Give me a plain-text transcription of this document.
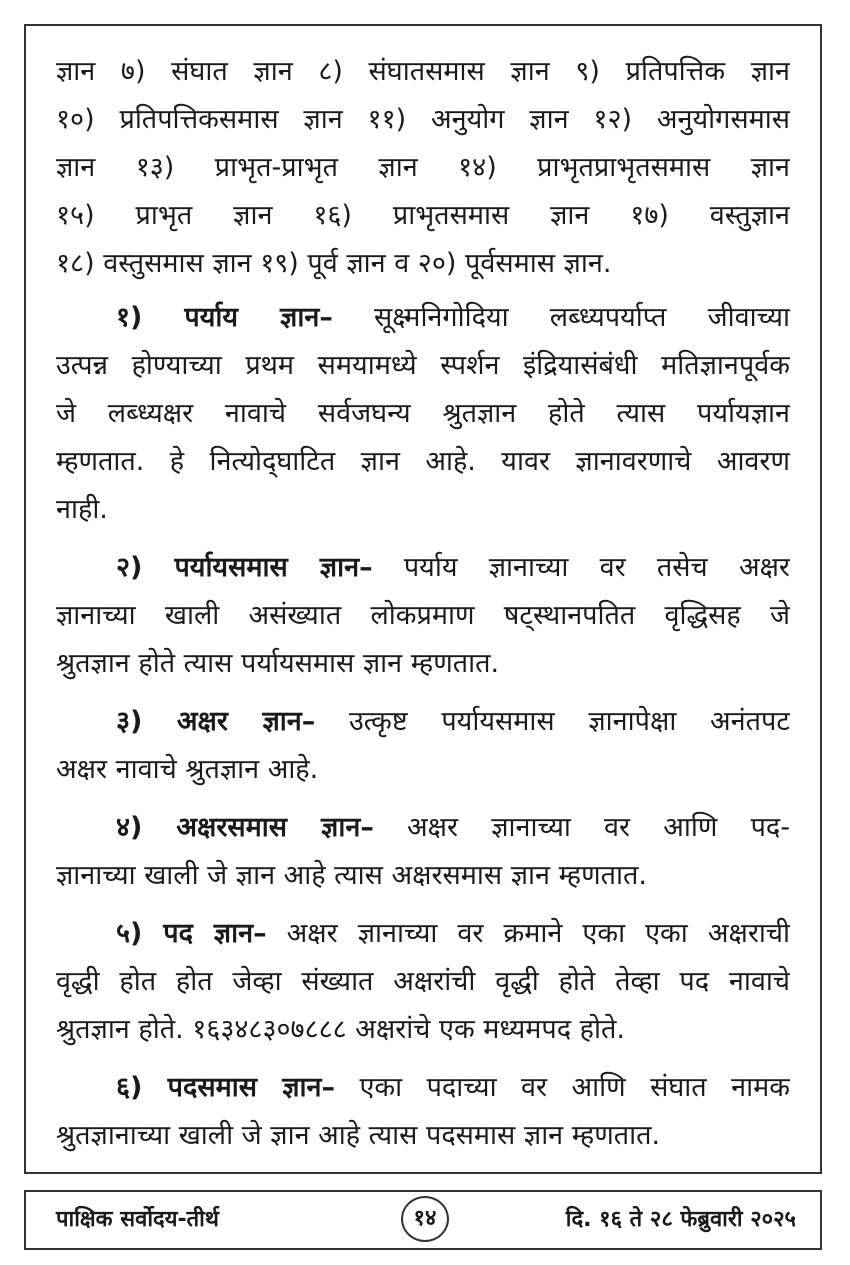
ज्ञान ७) संघात ज्ञान ८) संघातसमास ज्ञान ९) प्रतिपत्तिक ज्ञान
१०) प्रतिपत्तिकसमास ज्ञान ११) अनुयोग ज्ञान १२) अनुयोगसमास
ज्ञान १३) प्राभृत-प्राभृत ज्ञान १४) प्राभृतप्राभृतसमास ज्ञान
१५) प्राभृत ज्ञान १६) प्राभृतसमास ज्ञान १७) वस्तुज्ञान
१८) वस्तुसमास ज्ञान १९) पूर्व ज्ञान व २०) पूर्वसमास ज्ञान.
१) पर्याय ज्ञान– सूक्ष्मनिगोदिया लब्ध्यपर्याप्त जीवाच्या
उत्पन्न होण्याच्या प्रथम समयामध्ये स्पर्शन इंद्रियासंबंधी मतिज्ञानपूर्वक
जे लब्ध्यक्षर नावाचे सर्वजघन्य श्रुतज्ञान होते त्यास पर्यायज्ञान
म्हणतात. हे नित्योद्‌घाटित ज्ञान आहे. यावर ज्ञानावरणाचे आवरण
नाही.
२) पर्यायसमास ज्ञान– पर्याय ज्ञानाच्या वर तसेच अक्षर
ज्ञानाच्या खाली असंख्यात लोकप्रमाण षट्‌स्थानपतित वृद्धिसह जे
श्रुतज्ञान होते त्यास पर्यायसमास ज्ञान म्हणतात.
३) अक्षर ज्ञान– उत्कृष्ट पर्यायसमास ज्ञानापेक्षा अनंतपट
अक्षर नावाचे श्रुतज्ञान आहे.
४) अक्षरसमास ज्ञान– अक्षर ज्ञानाच्या वर आणि पद-
ज्ञानाच्या खाली जे ज्ञान आहे त्यास अक्षरसमास ज्ञान म्हणतात.
५) पद ज्ञान– अक्षर ज्ञानाच्या वर क्रमाने एका एका अक्षराची
वृद्धी होत होत जेव्हा संख्यात अक्षरांची वृद्धी होते तेव्हा पद नावाचे
श्रुतज्ञान होते. १६३४८३०७८८८ अक्षरांचे एक मध्यमपद होते.
६) पदसमास ज्ञान– एका पदाच्या वर आणि संघात नामक
श्रुतज्ञानाच्या खाली जे ज्ञान आहे त्यास पदसमास ज्ञान म्हणतात.
पाक्षिक सर्वोदय-तीर्थ	१४	दि. १६ ते २८ फेब्रुवारी २०२५
